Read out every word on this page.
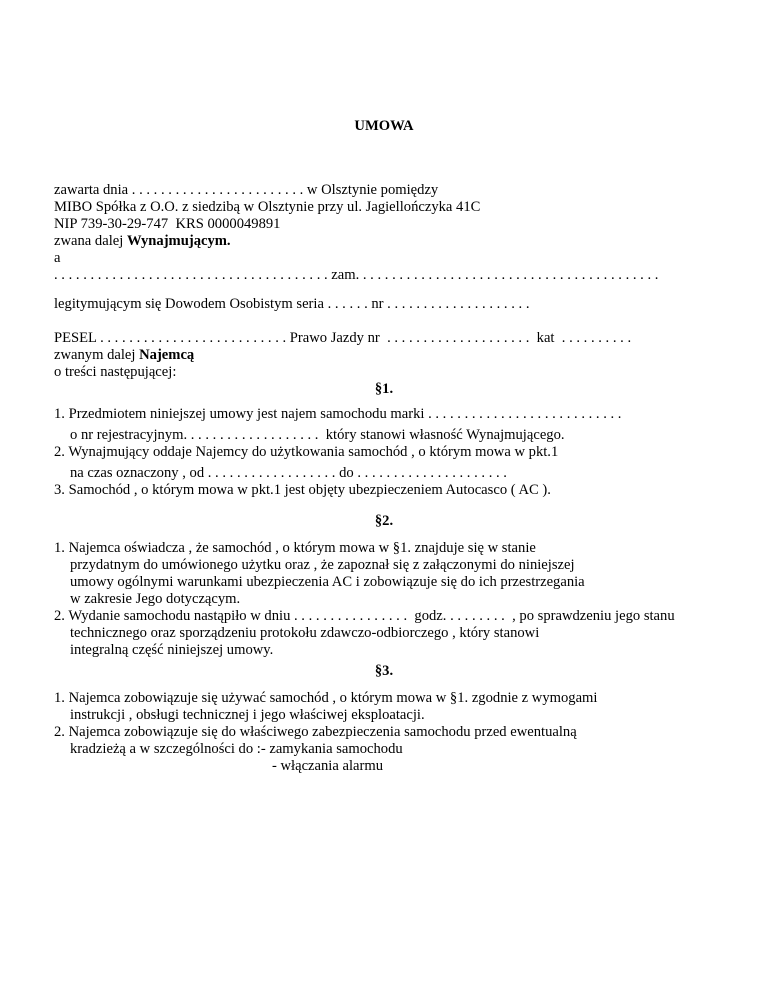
UMOWA
zawarta dnia . . . . . . . . . . . . . . . . . . . . . . . . w Olsztynie pomiędzy
MIBO Spółka z O.O. z siedzibą w Olsztynie przy ul. Jagiellończyka 41C
NIP 739-30-29-747  KRS 0000049891
zwana dalej Wynajmującym.
a
. . . . . . . . . . . . . . . . . . . . . . . . . . . . . . . . . . . . . . zam. . . . . . . . . . . . . . . . . . . . . . . . . . . . . . . . . . . . . . . . . .
legitymującym się Dowodem Osobistym seria . . . . . . nr . . . . . . . . . . . . . . . . . . . .
PESEL . . . . . . . . . . . . . . . . . . . . . . . . . . Prawo Jazdy nr  . . . . . . . . . . . . . . . . . . . .  kat  . . . . . . . . . .
zwanym dalej Najemcą
o treści następującej:
§1.
1. Przedmiotem niniejszej umowy jest najem samochodu marki . . . . . . . . . . . . . . . . . . . . . . . . . . .
o nr rejestracyjnym. . . . . . . . . . . . . . . . . . .  który stanowi własność Wynajmującego.
2. Wynajmujący oddaje Najemcy do użytkowania samochód , o którym mowa w pkt.1
na czas oznaczony , od . . . . . . . . . . . . . . . . . . do . . . . . . . . . . . . . . . . . . . . .
3. Samochód , o którym mowa w pkt.1 jest objęty ubezpieczeniem Autocasco ( AC ).
§2.
1. Najemca oświadcza , że samochód , o którym mowa w §1. znajduje się w stanie
przydatnym do umówionego użytku oraz , że zapoznał się z załączonymi do niniejszej
umowy ogólnymi warunkami ubezpieczenia AC i zobowiązuje się do ich przestrzegania
w zakresie Jego dotyczącym.
2. Wydanie samochodu nastąpiło w dniu . . . . . . . . . . . . . . . .  godz. . . . . . . . .  , po sprawdzeniu jego stanu
technicznego oraz sporządzeniu protokołu zdawczo-odbiorczego , który stanowi
integralną część niniejszej umowy.
§3.
1. Najemca zobowiązuje się używać samochód , o którym mowa w §1. zgodnie z wymogami
instrukcji , obsługi technicznej i jego właściwej eksploatacji.
2. Najemca zobowiązuje się do właściwego zabezpieczenia samochodu przed ewentualną
kradzieżą a w szczególności do :- zamykania samochodu
- włączania alarmu
